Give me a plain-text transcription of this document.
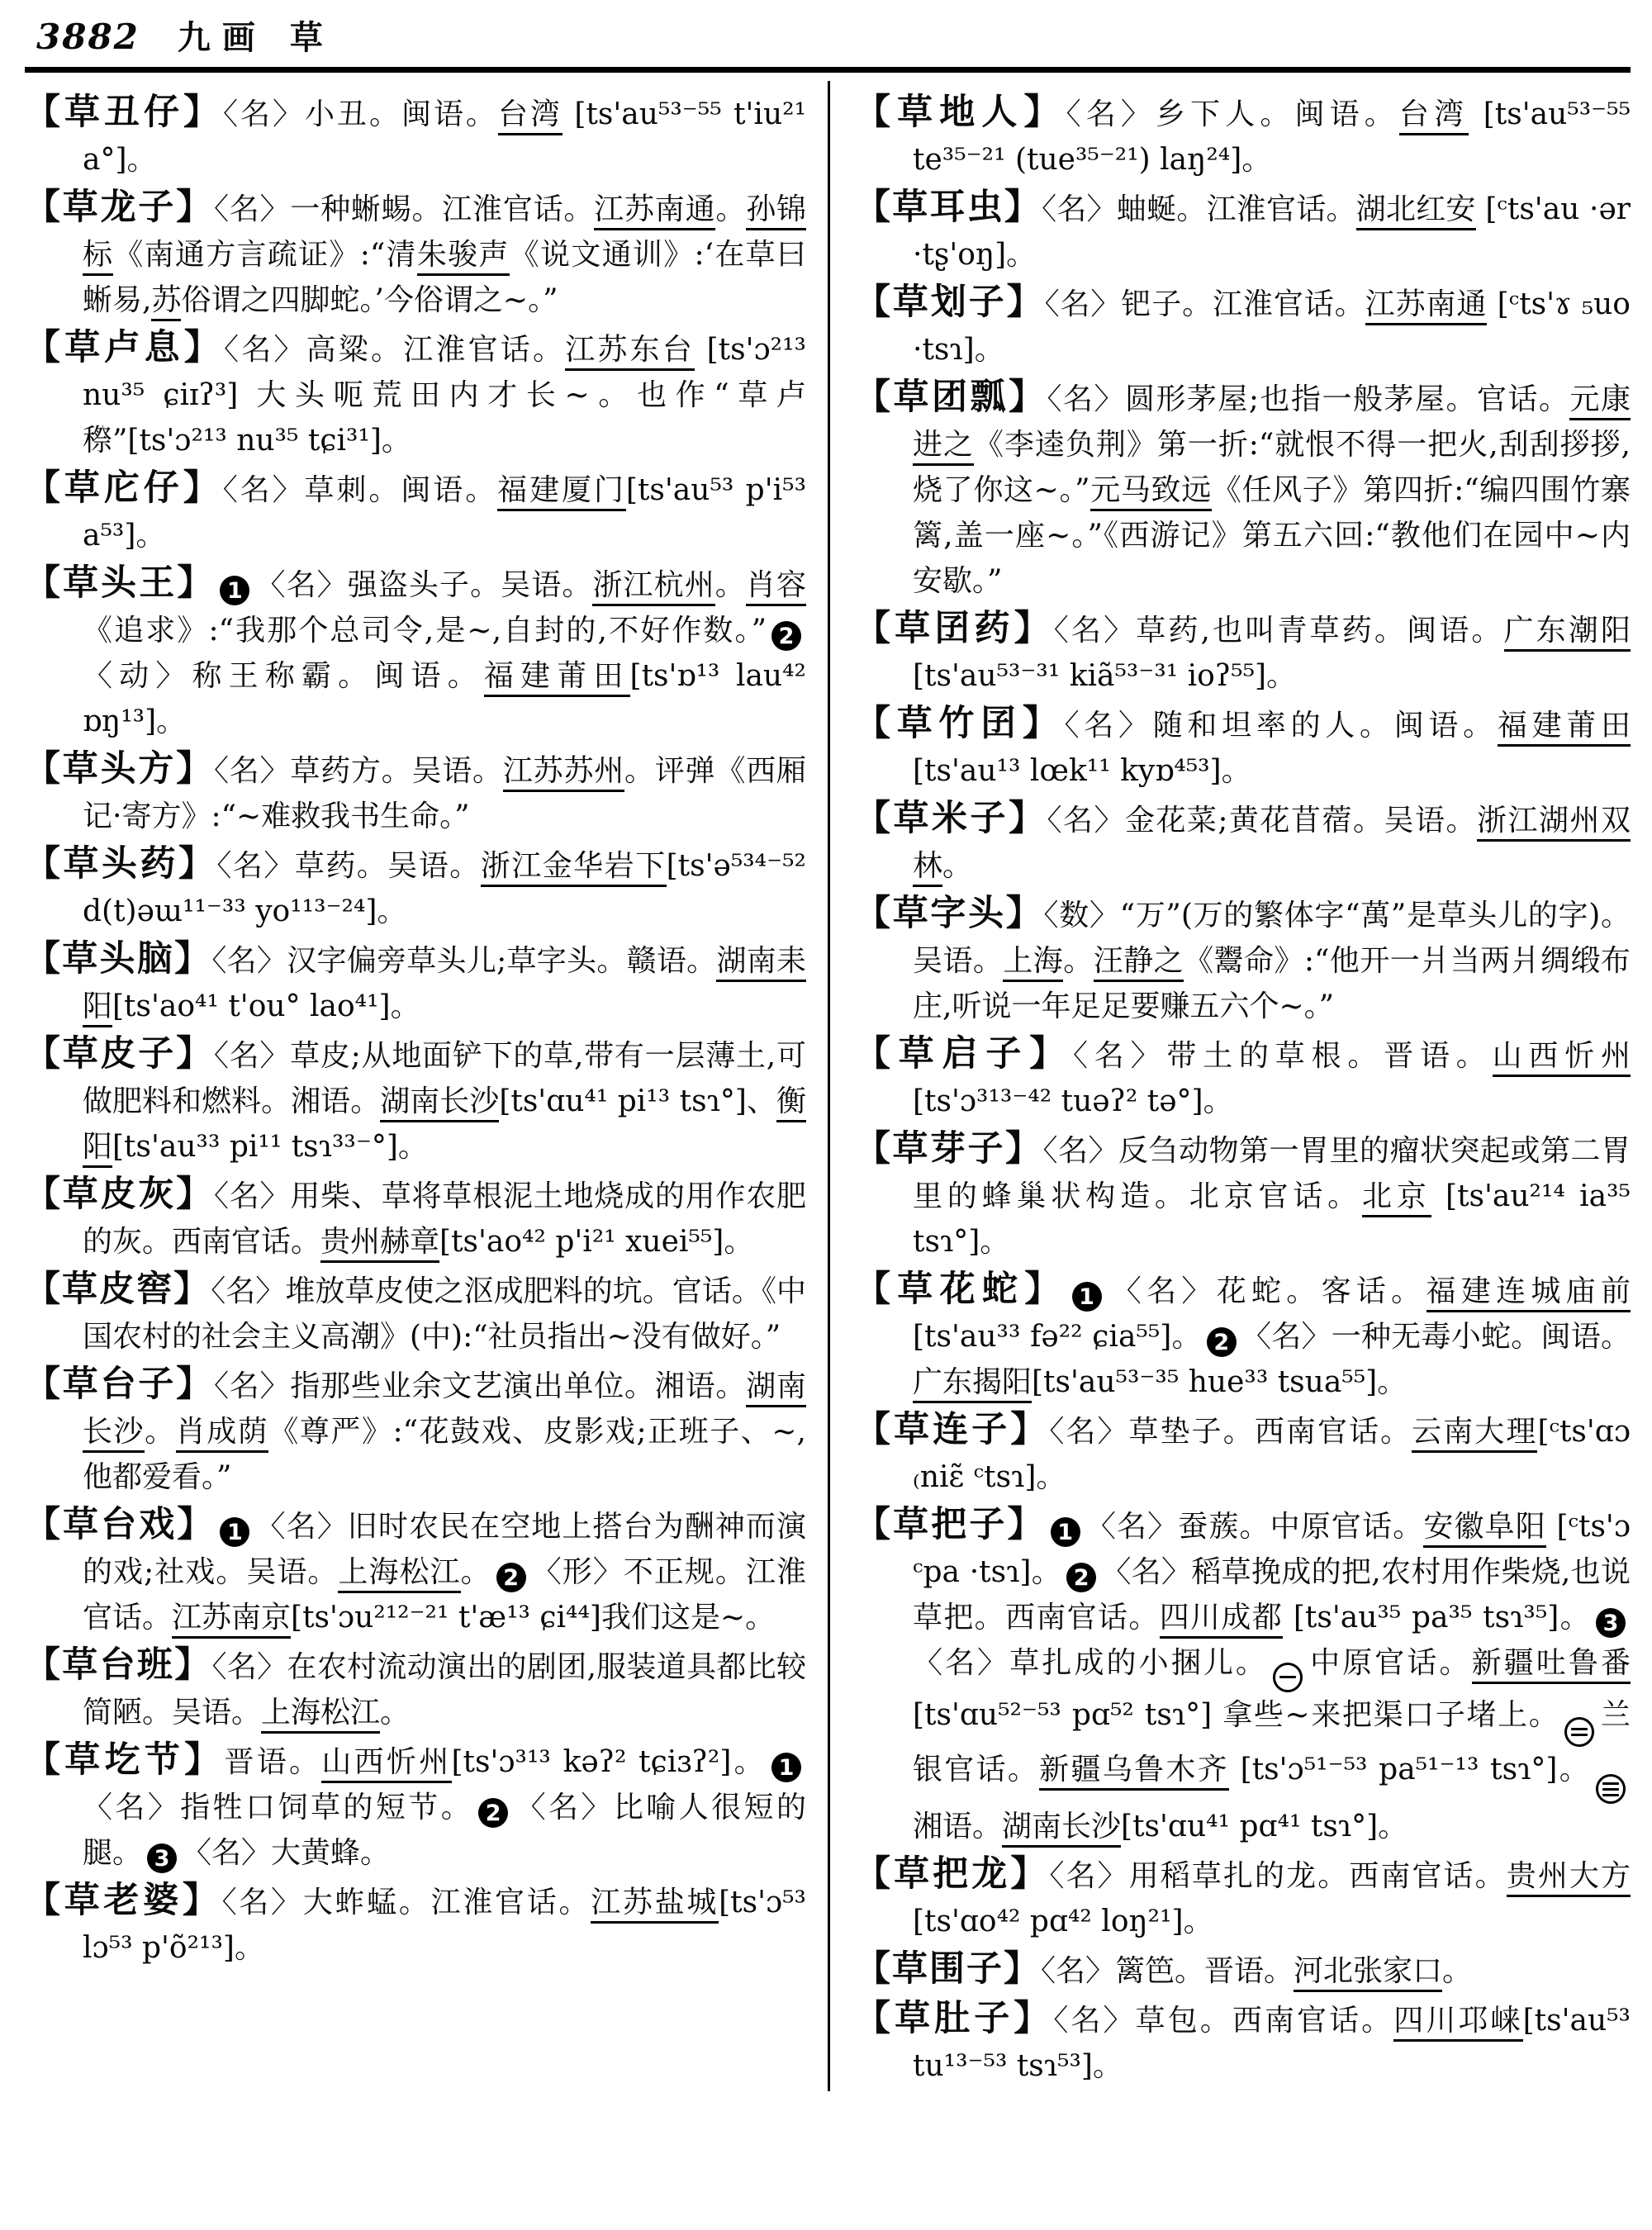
3882 九画 草

【草丑仔】〈名〉小丑。闽语。台湾 [ts'au⁵³⁻⁵⁵ t'iu²¹ a°]。

【草龙子】〈名〉一种蜥蜴。江淮官话。江苏南通。孙锦标《南通方言疏证》:“清朱骏声《说文通训》:‘在草曰蜥易,苏俗谓之四脚蛇。’今俗谓之~。”

【草卢息】〈名〉高粱。江淮官话。江苏东台 [ts'ɔ²¹³ nu³⁵ ɕiɪʔ³] 大头呃荒田内才长~。也作“草卢穄”[ts'ɔ²¹³ nu³⁵ tɕi³¹]。

【草庀仔】〈名〉草刺。闽语。福建厦门[ts'au⁵³ p'i⁵³ a⁵³]。

【草头王】 1 〈名〉强盗头子。吴语。浙江杭州。肖容《追求》:“我那个总司令,是~,自封的,不好作数。” 2〈动〉称王称霸。闽语。福建莆田[ts'ɒ¹³ lau⁴² ɒŋ¹³]。

【草头方】〈名〉草药方。吴语。江苏苏州。评弹《西厢记·寄方》:“~难救我书生命。”

【草头药】〈名〉草药。吴语。浙江金华岩下[ts'ə⁵³⁴⁻⁵² d(t)əɯ¹¹⁻³³ yo¹¹³⁻²⁴]。

【草头脑】〈名〉汉字偏旁草头儿;草字头。赣语。湖南耒阳[ts'ao⁴¹ t'ou° lao⁴¹]。

【草皮子】〈名〉草皮;从地面铲下的草,带有一层薄土,可做肥料和燃料。湘语。湖南长沙[ts'ɑu⁴¹ pi¹³ tsɿ°]、衡阳[ts'au³³ pi¹¹ tsɿ³³⁻°]。

【草皮灰】〈名〉用柴、草将草根泥土地烧成的用作农肥的灰。西南官话。贵州赫章[ts'ao⁴² p'i²¹ xuei⁵⁵]。

【草皮窖】〈名〉堆放草皮使之沤成肥料的坑。官话。《中国农村的社会主义高潮》(中):“社员指出~没有做好。”

【草台子】〈名〉指那些业余文艺演出单位。湘语。湖南长沙。肖成荫《尊严》:“花鼓戏、皮影戏;正班子、~,他都爱看。”

【草台戏】 1 〈名〉旧时农民在空地上搭台为酬神而演的戏;社戏。吴语。上海松江。 2 〈形〉不正规。江淮官话。江苏南京[ts'ɔu²¹²⁻²¹ t'æ¹³ ɕi⁴⁴]我们这是~。

【草台班】〈名〉在农村流动演出的剧团,服装道具都比较简陋。吴语。上海松江。

【草圪节】晋语。山西忻州[ts'ɔ³¹³ kəʔ² tɕiɜʔ²]。 1〈名〉指牲口饲草的短节。 2 〈名〉比喻人很短的腿。 3 〈名〉大黄蜂。

【草老婆】〈名〉大蚱蜢。江淮官话。江苏盐城[ts'ɔ⁵³ lɔ⁵³ p'õ²¹³]。

【草地人】〈名〉乡下人。闽语。台湾 [ts'au⁵³⁻⁵⁵ te³⁵⁻²¹ (tue³⁵⁻²¹) laŋ²⁴]。

【草耳虫】〈名〉蚰蜒。江淮官话。湖北红安 [ᶜts'au ·ər ·tʂ'oŋ]。

【草划子】〈名〉钯子。江淮官话。江苏南通 [ᶜts'ɤ ₅uo ·tsɿ]。

【草团瓢】〈名〉圆形茅屋;也指一般茅屋。官话。元康进之《李逵负荆》第一折:“就恨不得一把火,刮刮拶拶,烧了你这~。”元马致远《任风子》第四折:“编四围竹寨篱,盖一座~。”《西游记》第五六回:“教他们在园中~内安歇。”

【草囝药】〈名〉草药,也叫青草药。闽语。广东潮阳[ts'au⁵³⁻³¹ kiã⁵³⁻³¹ ioʔ⁵⁵]。

【草竹囝】〈名〉随和坦率的人。闽语。福建莆田[ts'au¹³ lœk¹¹ kyɒ⁴⁵³]。

【草米子】〈名〉金花菜;黄花苜蓿。吴语。浙江湖州双林。

【草字头】〈数〉“万”(万的繁体字“萬”是草头儿的字)。吴语。上海。汪静之《鬻命》:“他开一爿当两爿绸缎布庄,听说一年足足要赚五六个~。”

【草启子】〈名〉带土的草根。晋语。山西忻州[ts'ɔ³¹³⁻⁴² tuəʔ² tə°]。

【草芽子】〈名〉反刍动物第一胃里的瘤状突起或第二胃里的蜂巢状构造。北京官话。北京 [ts'au²¹⁴ ia³⁵ tsɿ°]。

【草花蛇】 1 〈名〉花蛇。客话。福建连城庙前[ts'au³³ fə²² ɕia⁵⁵]。 2 〈名〉一种无毒小蛇。闽语。广东揭阳[ts'au⁵³⁻³⁵ hue³³ tsua⁵⁵]。

【草连子】〈名〉草垫子。西南官话。云南大理[ᶜts'ɑɔ ₍niɛ̃ ᶜtsɿ]。

【草把子】 1 〈名〉蚕蔟。中原官话。安徽阜阳 [ᶜts'ɔ ᶜpa ·tsɿ]。 2 〈名〉稻草挽成的把,农村用作柴烧,也说草把。西南官话。四川成都 [ts'au³⁵ pa³⁵ tsɿ³⁵]。 3〈名〉草扎成的小捆儿。 中原官话。新疆吐鲁番 [ts'ɑu⁵²⁻⁵³ pɑ⁵² tsɿ°] 拿些~来把渠口子堵上。 兰银官话。新疆乌鲁木齐 [ts'ɔ⁵¹⁻⁵³ pa⁵¹⁻¹³ tsɿ°]。
湘语。湖南长沙[ts'ɑu⁴¹ pɑ⁴¹ tsɿ°]。

【草把龙】〈名〉用稻草扎的龙。西南官话。贵州大方[ts'ɑo⁴² pɑ⁴² loŋ²¹]。

【草围子】〈名〉篱笆。晋语。河北张家口。

【草肚子】〈名〉草包。西南官话。四川邛崃[ts'au⁵³ tu¹³⁻⁵³ tsɿ⁵³]。
